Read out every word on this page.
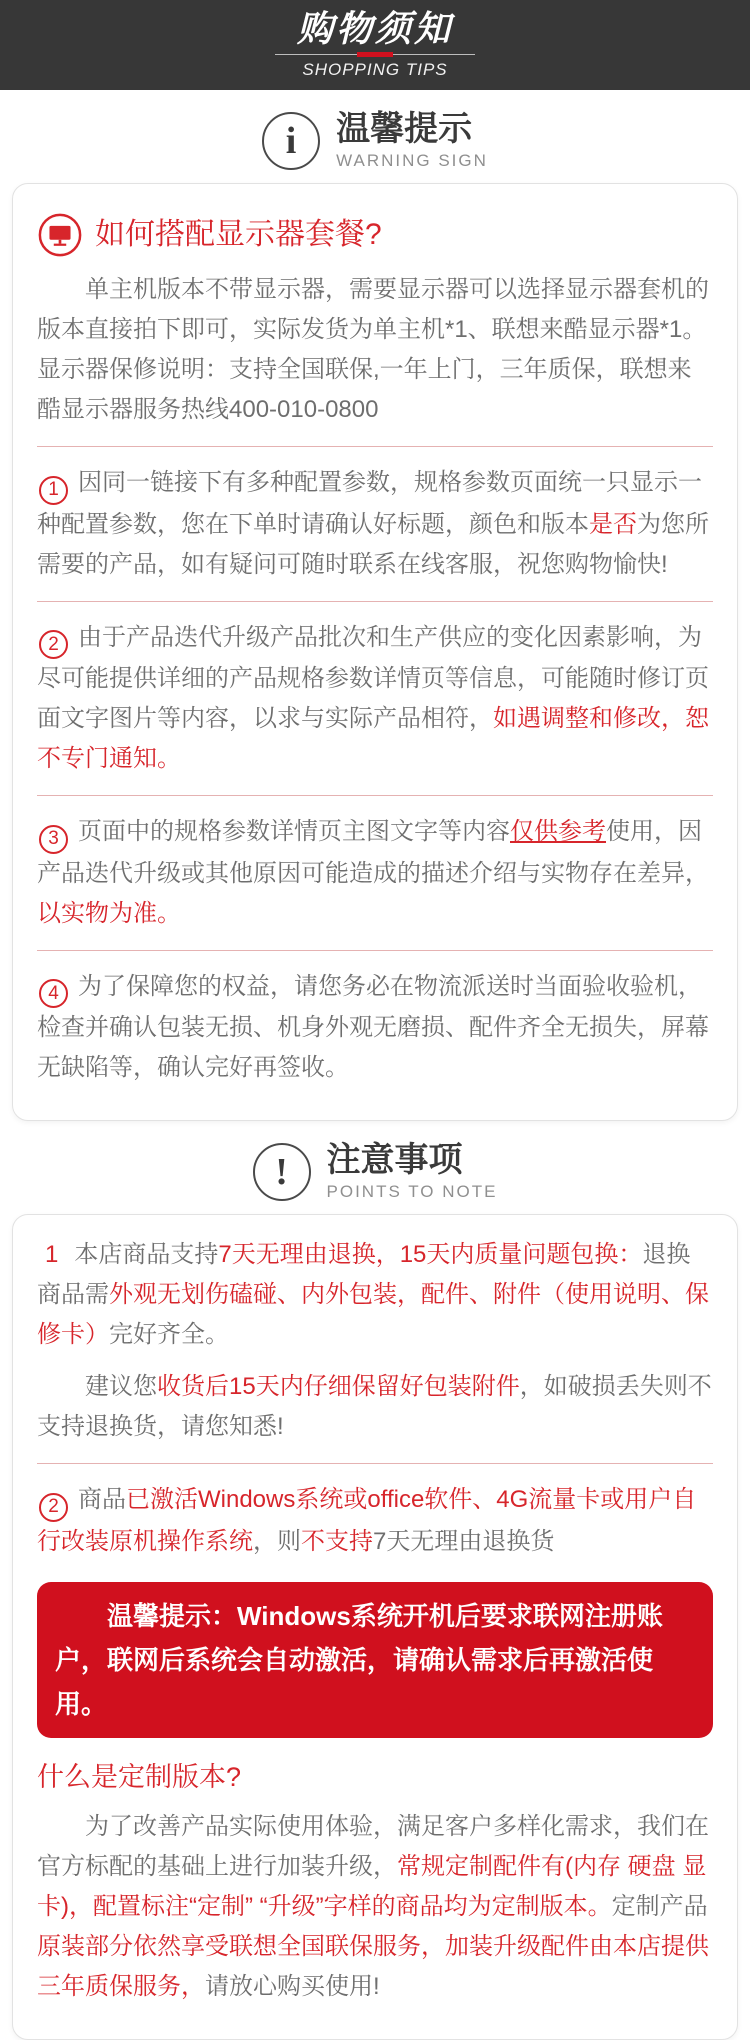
购物须知
SHOPPING TIPS
i	温馨提示
WARNING SIGN
如何搭配显示器套餐?

单主机版本不带显示器，需要显示器可以选择显示器套机的版本直接拍下即可，实际发货为单主机*1、联想来酷显示器*1。显示器保修说明：支持全国联保,一年上门，三年质保，联想来酷显示器服务热线400-010-0800

1 因同一链接下有多种配置参数，规格参数页面统一只显示一种配置参数，您在下单时请确认好标题，颜色和版本是否为您所需要的产品，如有疑问可随时联系在线客服，祝您购物愉快!

2 由于产品迭代升级产品批次和生产供应的变化因素影响，为尽可能提供详细的产品规格参数详情页等信息，可能随时修订页面文字图片等内容，以求与实际产品相符，如遇调整和修改，恕不专门通知。

3 页面中的规格参数详情页主图文字等内容仅供参考使用，因产品迭代升级或其他原因可能造成的描述介绍与实物存在差异，以实物为准。

4 为了保障您的权益，请您务必在物流派送时当面验收验机，检查并确认包装无损、机身外观无磨损、配件齐全无损失，屏幕无缺陷等，确认完好再签收。

!	注意事项
POINTS TO NOTE

1 本店商品支持7天无理由退换，15天内质量问题包换：退换商品需外观无划伤磕碰、内外包装，配件、附件（使用说明、保修卡）完好齐全。

建议您收货后15天内仔细保留好包装附件，如破损丢失则不支持退换货，请您知悉!

2 商品已激活Windows系统或office软件、4G流量卡或用户自行改装原机操作系统，则不支持7天无理由退换货

温馨提示：Windows系统开机后要求联网注册账户，联网后系统会自动激活，请确认需求后再激活使用。
什么是定制版本?

为了改善产品实际使用体验，满足客户多样化需求，我们在官方标配的基础上进行加装升级，常规定制配件有(内存 硬盘 显卡)，配置标注“定制” “升级”字样的商品均为定制版本。定制产品原装部分依然享受联想全国联保服务，加装升级配件由本店提供三年质保服务，请放心购买使用!
